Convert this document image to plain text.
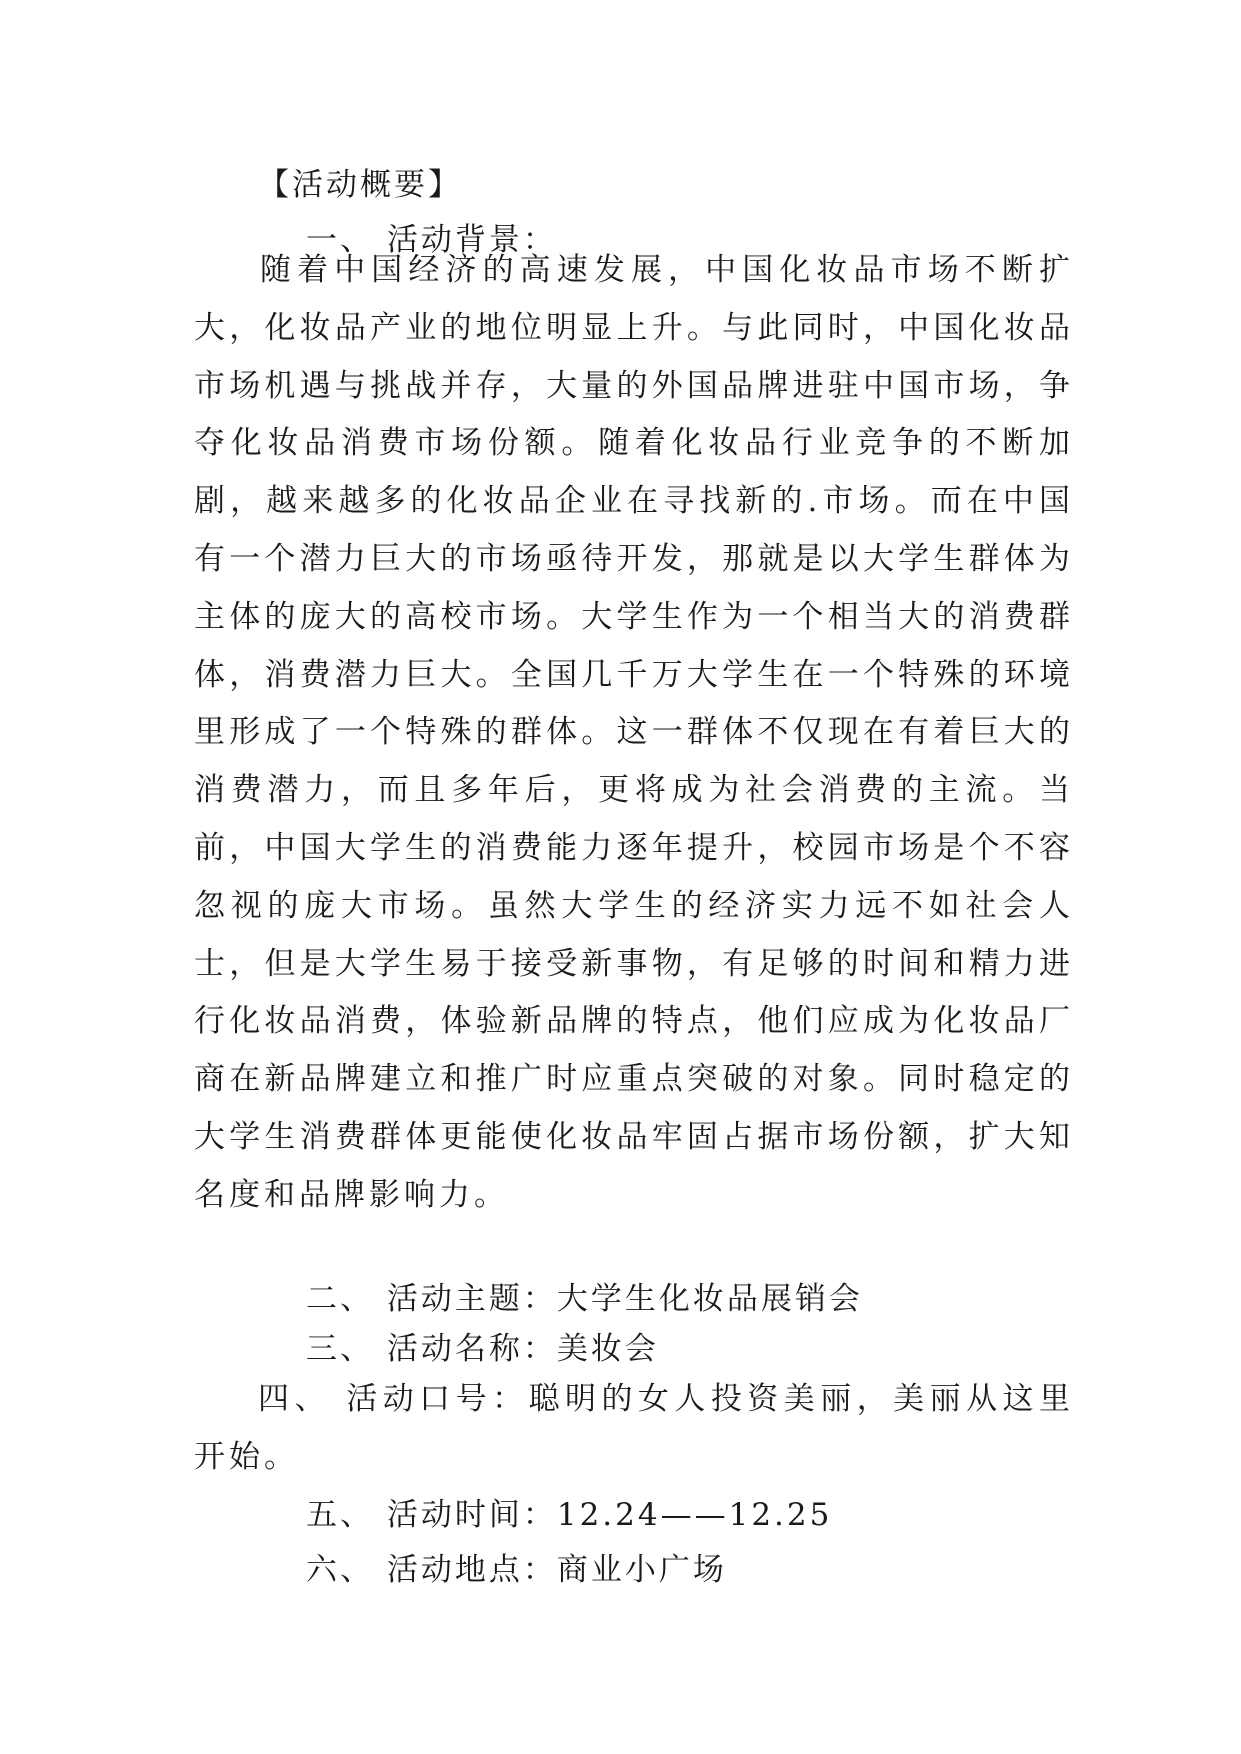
【活动概要】
一、 活动背景：
随着中国经济的高速发展，中国化妆品市场不断扩大，化妆品产业的地位明显上升。与此同时，中国化妆品市场机遇与挑战并存，大量的外国品牌进驻中国市场，争夺化妆品消费市场份额。随着化妆品行业竞争的不断加剧，越来越多的化妆品企业在寻找新的.市场。而在中国有一个潜力巨大的市场亟待开发，那就是以大学生群体为主体的庞大的高校市场。大学生作为一个相当大的消费群体，消费潜力巨大。全国几千万大学生在一个特殊的环境里形成了一个特殊的群体。这一群体不仅现在有着巨大的消费潜力，而且多年后，更将成为社会消费的主流。当前，中国大学生的消费能力逐年提升，校园市场是个不容忽视的庞大市场。虽然大学生的经济实力远不如社会人士，但是大学生易于接受新事物，有足够的时间和精力进行化妆品消费，体验新品牌的特点，他们应成为化妆品厂商在新品牌建立和推广时应重点突破的对象。同时稳定的大学生消费群体更能使化妆品牢固占据市场份额，扩大知名度和品牌影响力。
二、 活动主题：大学生化妆品展销会
三、 活动名称：美妆会
四、 活动口号：聪明的女人投资美丽，美丽从这里开始。
五、 活动时间：12.24——12.25
六、 活动地点：商业小广场
